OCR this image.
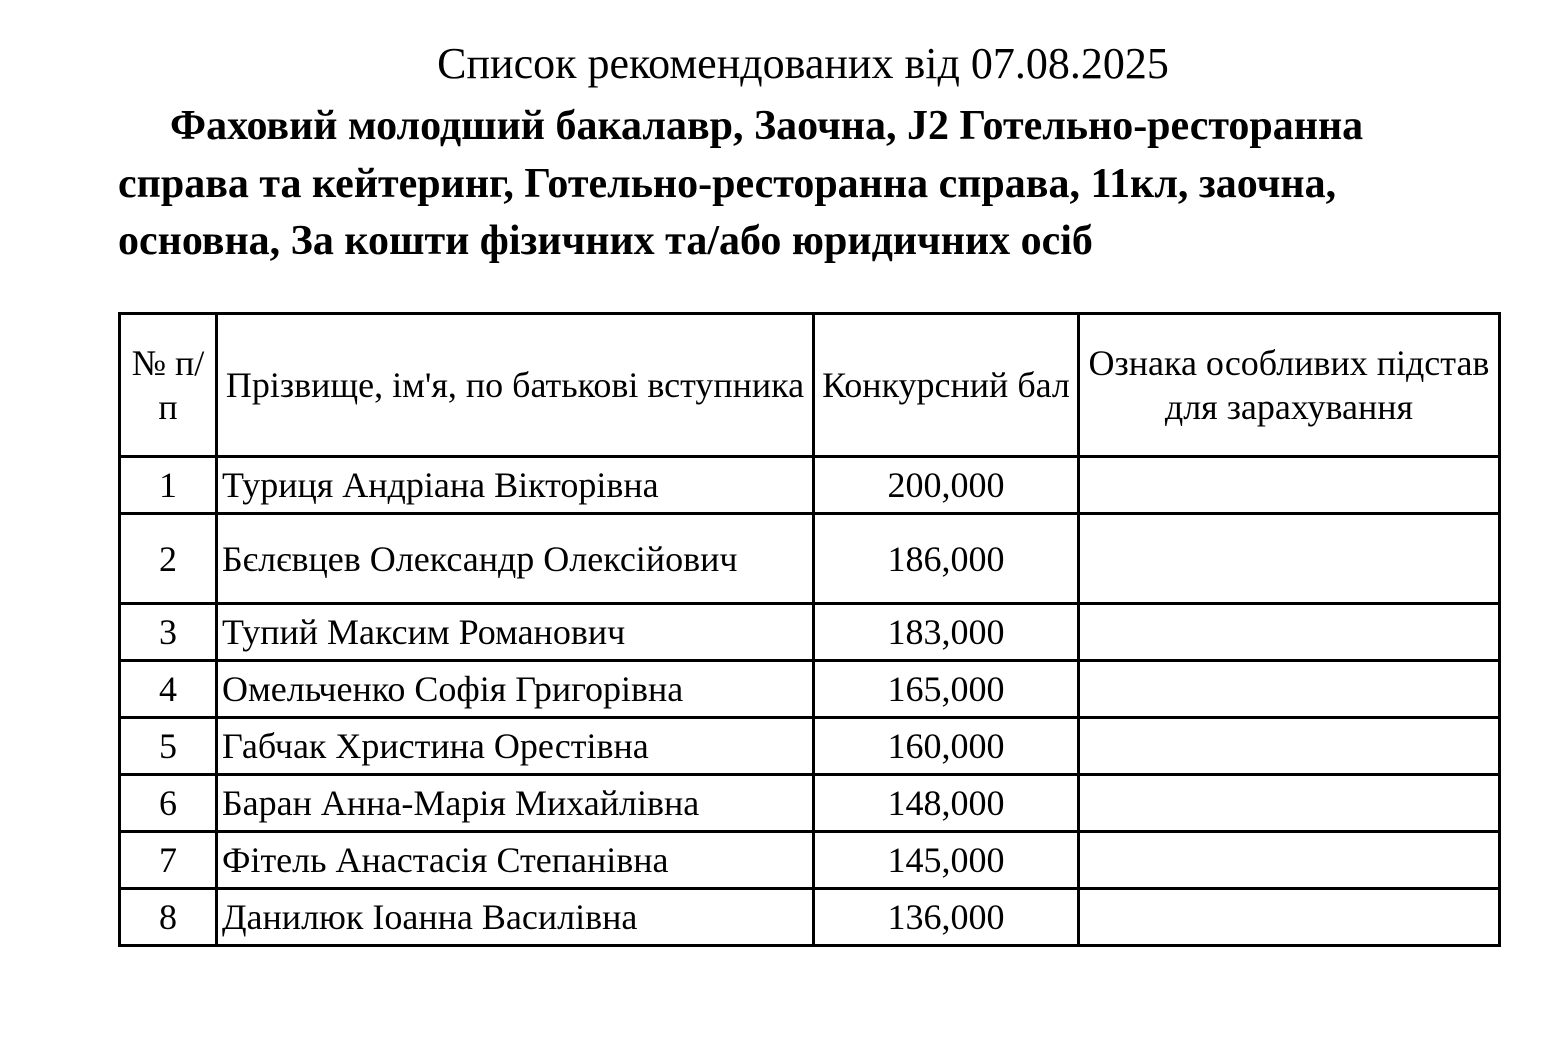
Список рекомендованих від 07.08.2025
Фаховий молодший бакалавр, Заочна, J2 Готельно-ресторанна справа та кейтеринг, Готельно-ресторанна справа, 11кл, заочна, основна, За кошти фізичних та/або юридичних осіб
№ п/п	Прізвище, ім'я, по батькові вступника	Конкурсний бал	Ознака особливих підстав для зарахування
1	Туриця Андріана Вікторівна	200,000	
2	Бєлєвцев Олександр Олексійович	186,000	
3	Тупий Максим Романович	183,000	
4	Омельченко Софія Григорівна	165,000	
5	Габчак Христина Орестівна	160,000	
6	Баран Анна-Марія Михайлівна	148,000	
7	Фітель Анастасія Степанівна	145,000	
8	Данилюк Іоанна Василівна	136,000	
